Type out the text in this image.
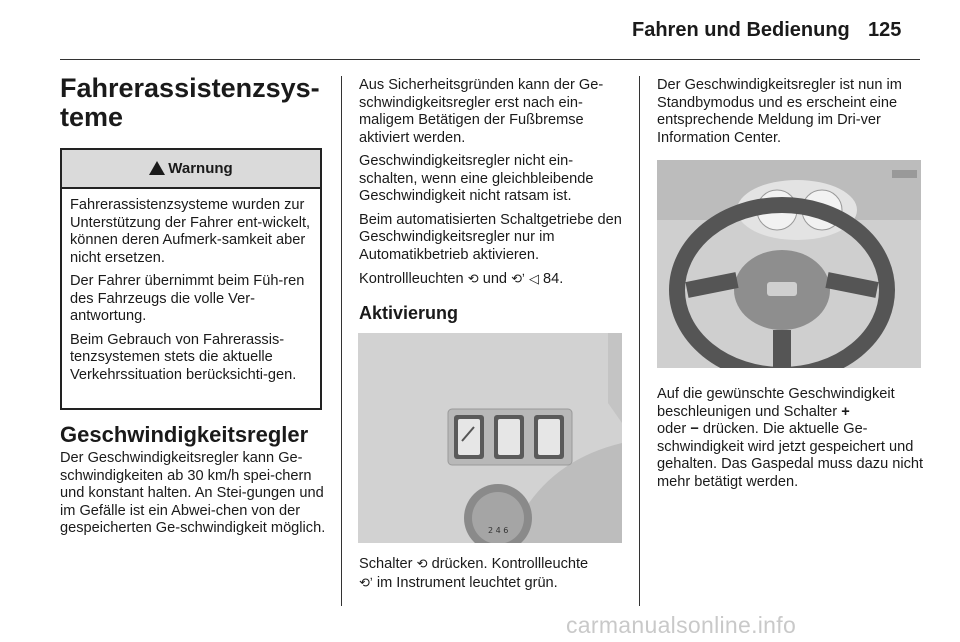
Fahren und Bedienung 125
Fahrerassistenzsys-
teme
Warnung

Fahrerassistenzsysteme wurden zur Unterstützung der Fahrer ent-wickelt, können deren Aufmerk-samkeit aber nicht ersetzen.

Der Fahrer übernimmt beim Füh-ren des Fahrzeugs die volle Ver-antwortung.

Beim Gebrauch von Fahrerassis-tenzsystemen stets die aktuelle Verkehrssituation berücksichti-gen.

Geschwindigkeitsregler

Der Geschwindigkeitsregler kann Ge-schwindigkeiten ab 30 km/h spei-chern und konstant halten. An Stei-gungen und im Gefälle ist ein Abwei-chen von der gespeicherten Ge-schwindigkeit möglich.

Aus Sicherheitsgründen kann der Ge-schwindigkeitsregler erst nach ein-maligem Betätigen der Fußbremse aktiviert werden.

Geschwindigkeitsregler nicht ein-schalten, wenn eine gleichbleibende Geschwindigkeit nicht ratsam ist.

Beim automatisierten Schaltgetriebe den Geschwindigkeitsregler nur im Automatikbetrieb aktivieren.

Kontrollleuchten ⟲ und ⟲ʼ ◁ 84.

Aktivierung
2 4 6
Schalter ⟲ drücken. Kontrollleuchte
⟲ʼ im Instrument leuchtet grün.

Der Geschwindigkeitsregler ist nun im Standbymodus und es erscheint eine entsprechende Meldung im Dri-ver Information Center.

Auf die gewünschte Geschwindigkeit beschleunigen und Schalter +
oder − drücken. Die aktuelle Ge-schwindigkeit wird jetzt gespeichert und gehalten. Das Gaspedal muss dazu nicht mehr betätigt werden.
carmanualsonline.info
